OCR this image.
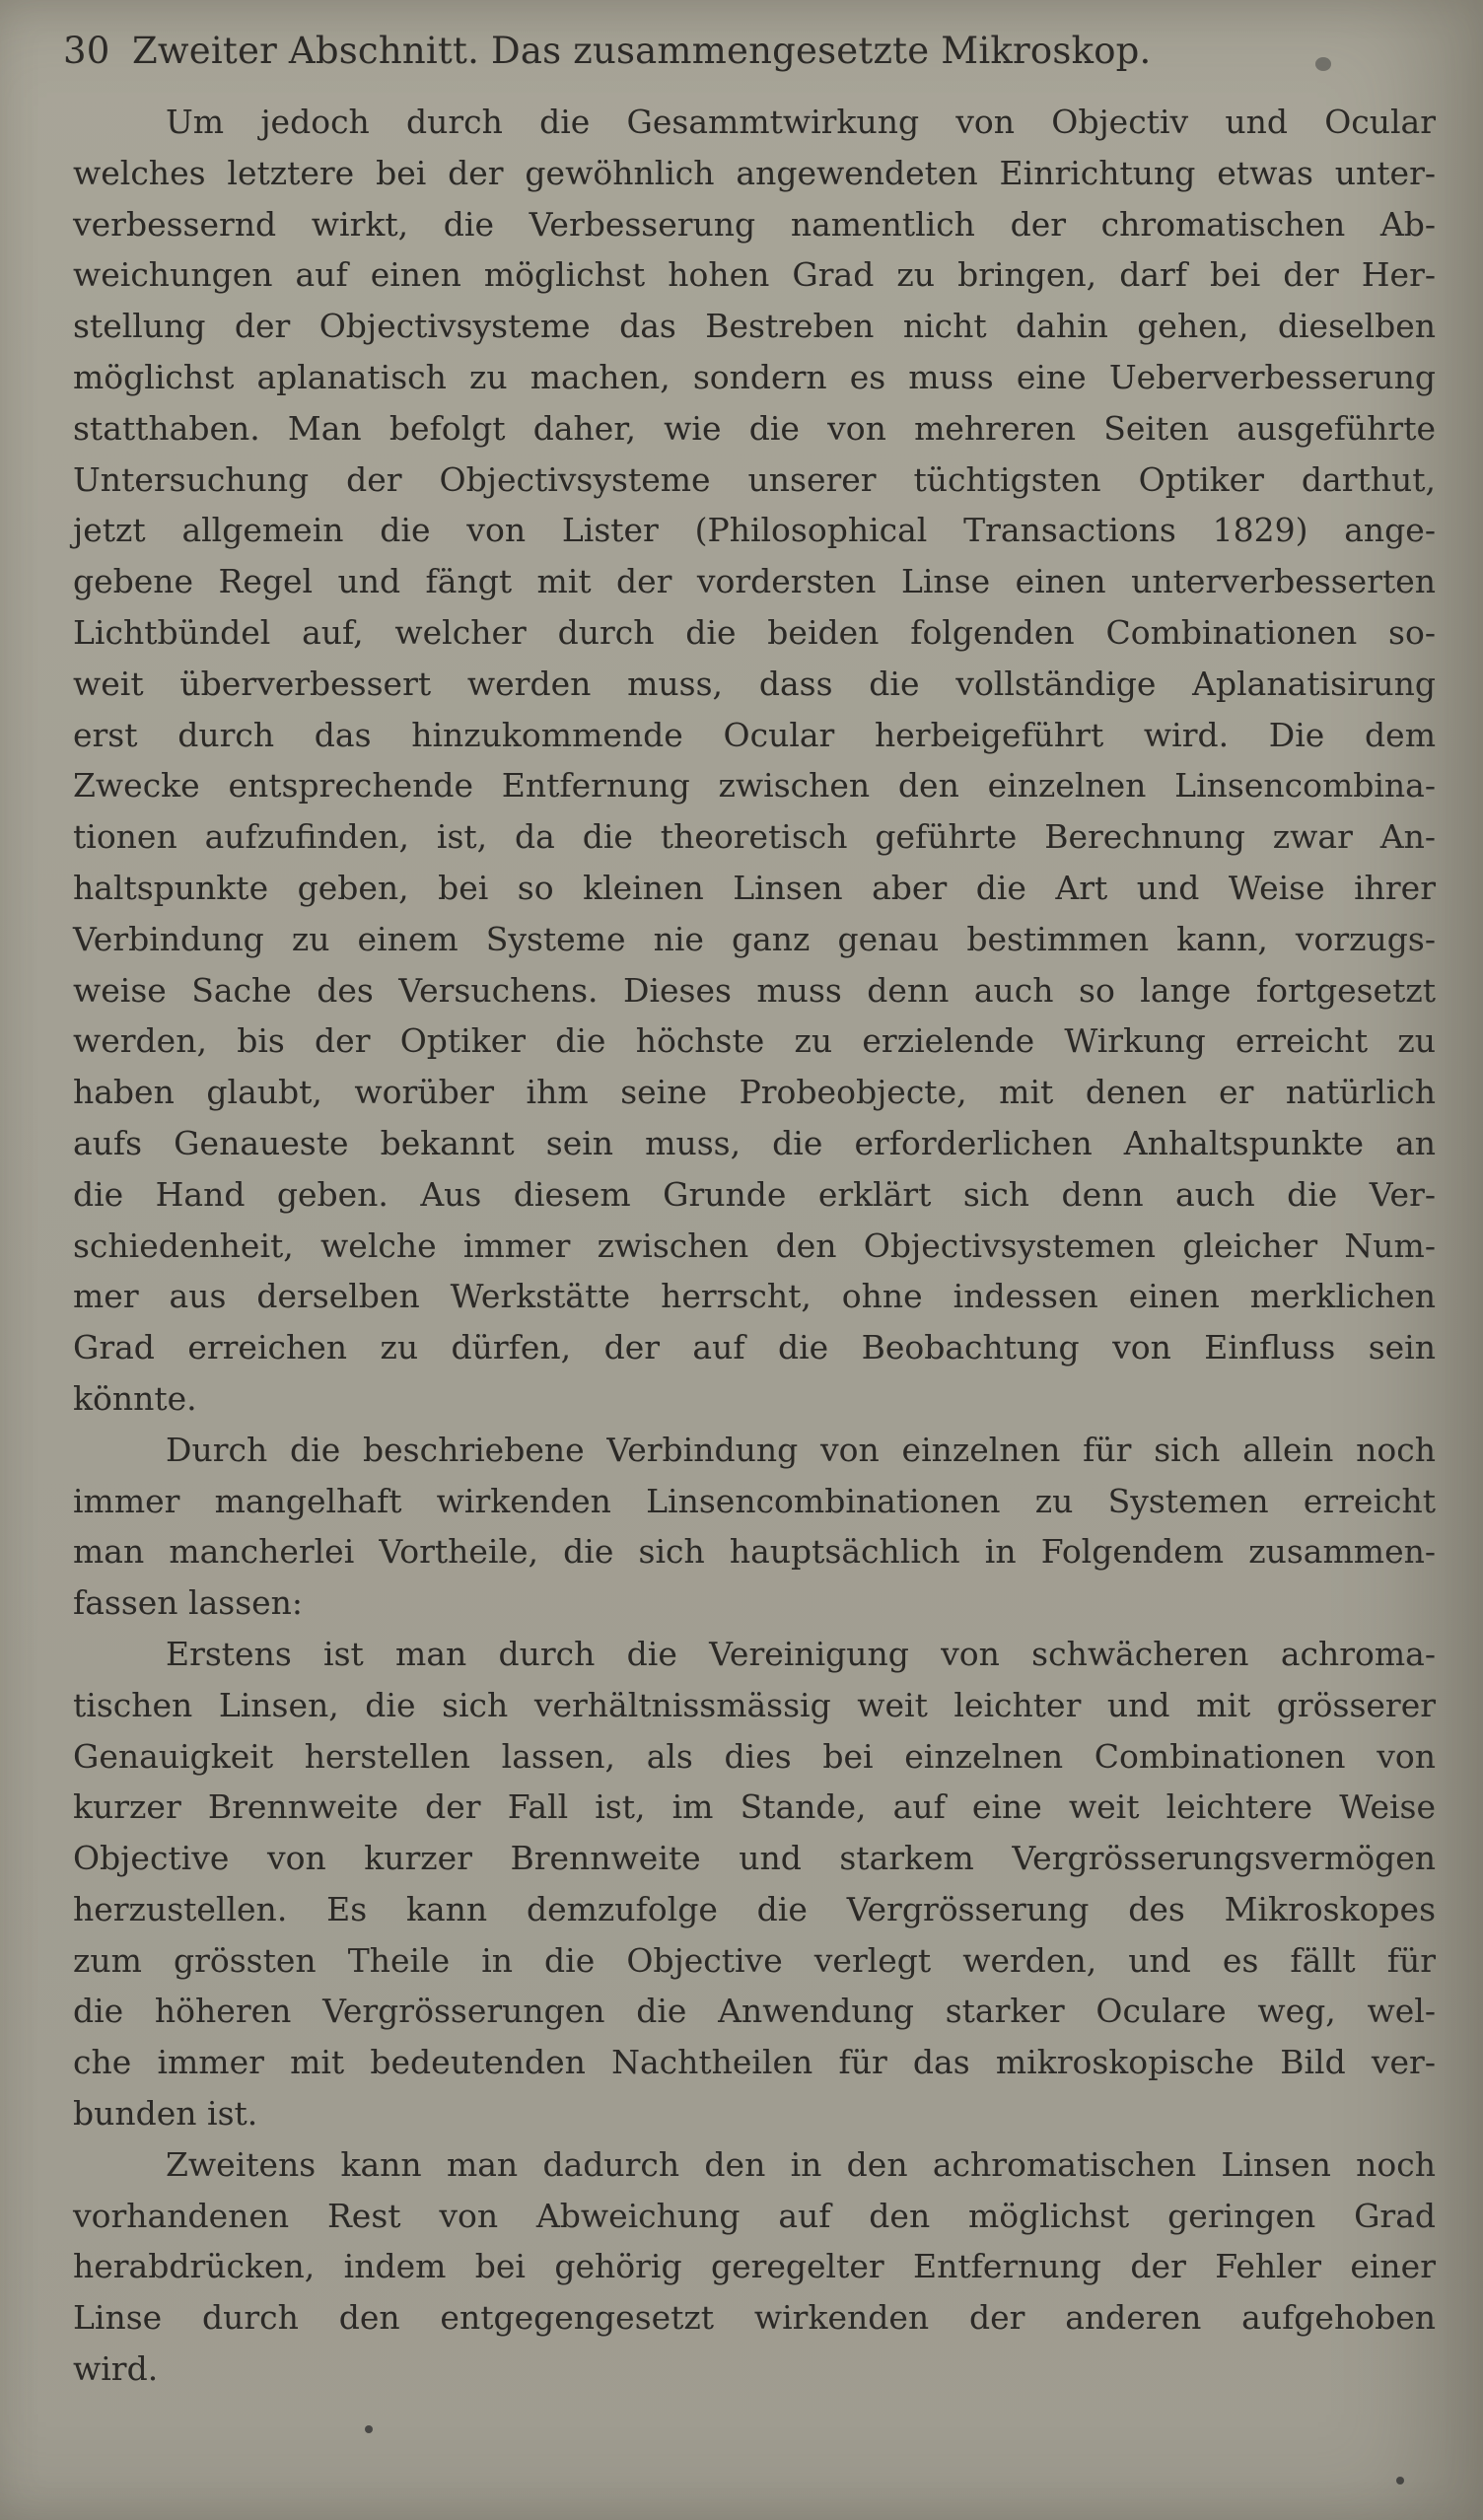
30 Zweiter Abschnitt. Das zusammengesetzte Mikroskop.
Um jedoch durch die Gesammtwirkung von Objectiv und Ocular
welches letztere bei der gewöhnlich angewendeten Einrichtung etwas unter-
verbessernd wirkt, die Verbesserung namentlich der chromatischen Ab-
weichungen auf einen möglichst hohen Grad zu bringen, darf bei der Her-
stellung der Objectivsysteme das Bestreben nicht dahin gehen, dieselben
möglichst aplanatisch zu machen, sondern es muss eine Ueberverbesserung
statthaben. Man befolgt daher, wie die von mehreren Seiten ausgeführte
Untersuchung der Objectivsysteme unserer tüchtigsten Optiker darthut,
jetzt allgemein die von Lister (Philosophical Transactions 1829) ange-
gebene Regel und fängt mit der vordersten Linse einen unterverbesserten
Lichtbündel auf, welcher durch die beiden folgenden Combinationen so-
weit überverbessert werden muss, dass die vollständige Aplanatisirung
erst durch das hinzukommende Ocular herbeigeführt wird. Die dem
Zwecke entsprechende Entfernung zwischen den einzelnen Linsencombina-
tionen aufzufinden, ist, da die theoretisch geführte Berechnung zwar An-
haltspunkte geben, bei so kleinen Linsen aber die Art und Weise ihrer
Verbindung zu einem Systeme nie ganz genau bestimmen kann, vorzugs-
weise Sache des Versuchens. Dieses muss denn auch so lange fortgesetzt
werden, bis der Optiker die höchste zu erzielende Wirkung erreicht zu
haben glaubt, worüber ihm seine Probeobjecte, mit denen er natürlich
aufs Genaueste bekannt sein muss, die erforderlichen Anhaltspunkte an
die Hand geben. Aus diesem Grunde erklärt sich denn auch die Ver-
schiedenheit, welche immer zwischen den Objectivsystemen gleicher Num-
mer aus derselben Werkstätte herrscht, ohne indessen einen merklichen
Grad erreichen zu dürfen, der auf die Beobachtung von Einfluss sein
könnte.
Durch die beschriebene Verbindung von einzelnen für sich allein noch
immer mangelhaft wirkenden Linsencombinationen zu Systemen erreicht
man mancherlei Vortheile, die sich hauptsächlich in Folgendem zusammen-
fassen lassen:
Erstens ist man durch die Vereinigung von schwächeren achroma-
tischen Linsen, die sich verhältnissmässig weit leichter und mit grösserer
Genauigkeit herstellen lassen, als dies bei einzelnen Combinationen von
kurzer Brennweite der Fall ist, im Stande, auf eine weit leichtere Weise
Objective von kurzer Brennweite und starkem Vergrösserungsvermögen
herzustellen. Es kann demzufolge die Vergrösserung des Mikroskopes
zum grössten Theile in die Objective verlegt werden, und es fällt für
die höheren Vergrösserungen die Anwendung starker Oculare weg, wel-
che immer mit bedeutenden Nachtheilen für das mikroskopische Bild ver-
bunden ist.
Zweitens kann man dadurch den in den achromatischen Linsen noch
vorhandenen Rest von Abweichung auf den möglichst geringen Grad
herabdrücken, indem bei gehörig geregelter Entfernung der Fehler einer
Linse durch den entgegengesetzt wirkenden der anderen aufgehoben
wird.
